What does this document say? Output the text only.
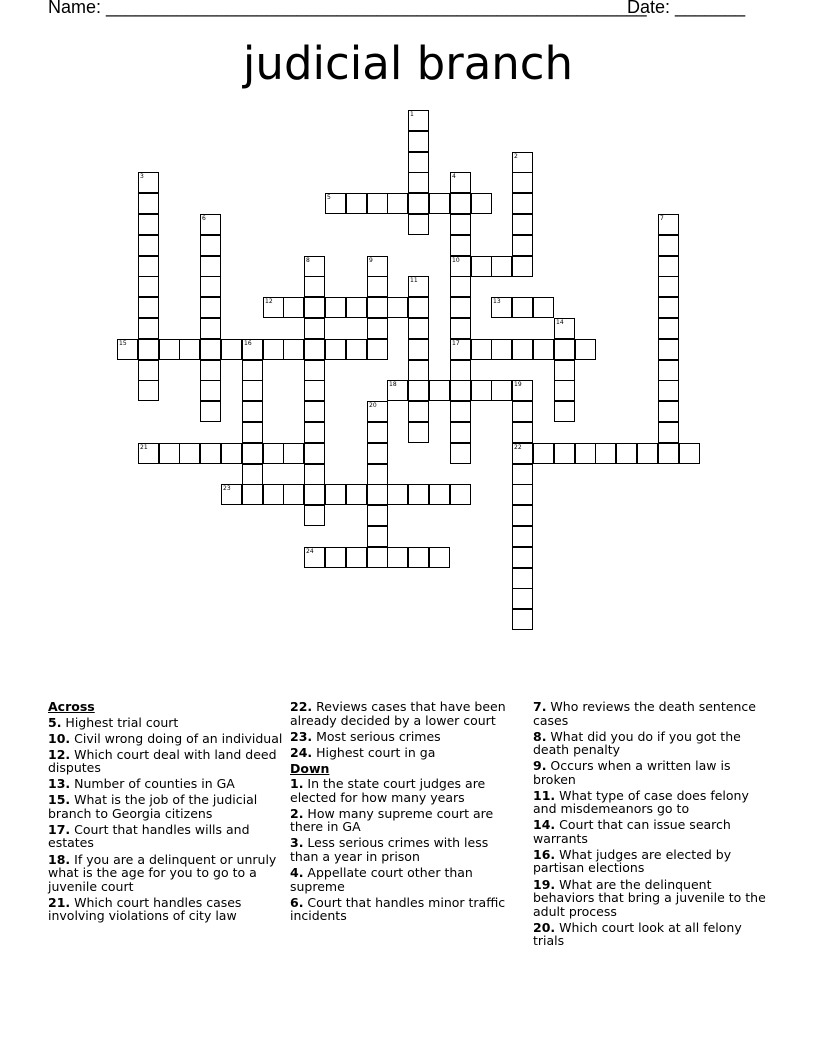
Name: ______________________________________________________
Date: _______
judicial branch
1
2
3	4
10
17
5
6	7
8	9
11
12	13
14
15	16
18	19
22
20
21
23
24
Across
5. Highest trial court
10. Civil wrong doing of an individual
12. Which court deal with land deed disputes
13. Number of counties in GA
15. What is the job of the judicial branch to Georgia citizens
17. Court that handles wills and estates
18. If you are a delinquent or unruly what is the age for you to go to a juvenile court
21. Which court handles cases involving violations of city law
22. Reviews cases that have been already decided by a lower court
23. Most serious crimes
24. Highest court in ga
Down
1. In the state court judges are elected for how many years
2. How many supreme court are there in GA
3. Less serious crimes with less than a year in prison
4. Appellate court other than supreme
6. Court that handles minor traffic incidents
7. Who reviews the death sentence cases
8. What did you do if you got the death penalty
9. Occurs when a written law is broken
11. What type of case does felony and misdemeanors go to
14. Court that can issue search warrants
16. What judges are elected by partisan elections
19. What are the delinquent behaviors that bring a juvenile to the adult process
20. Which court look at all felony trials
